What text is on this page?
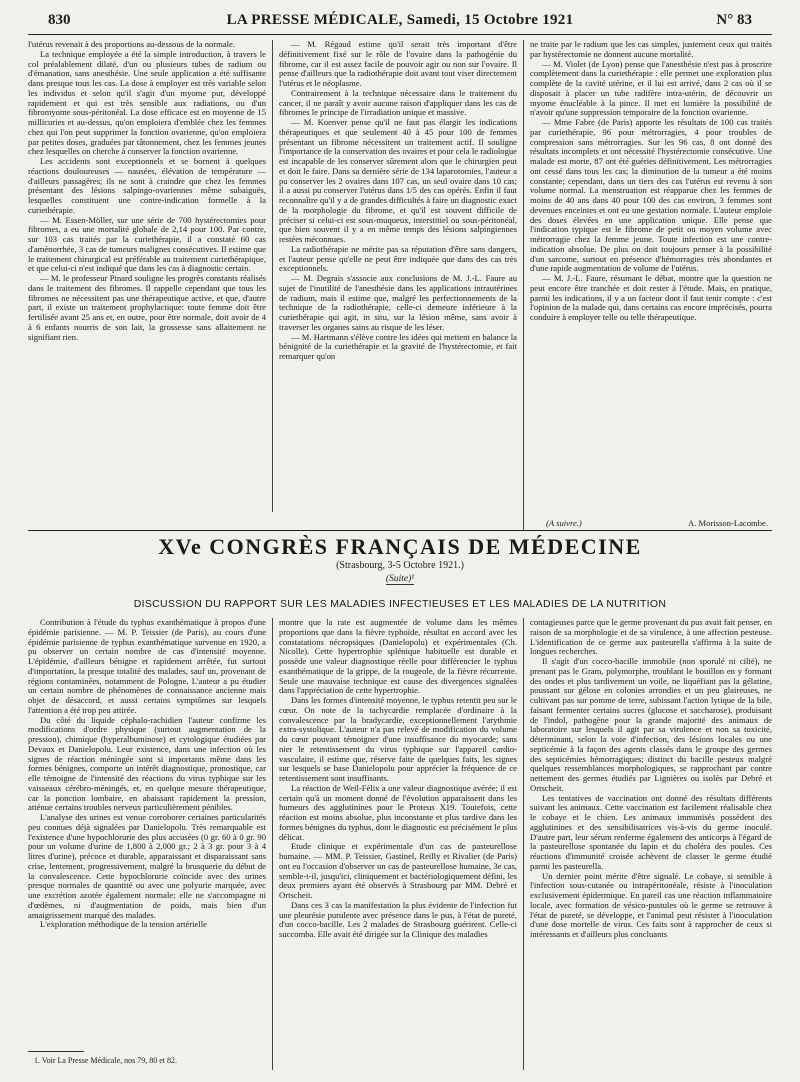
830	LA PRESSE MÉDICALE, Samedi, 15 Octobre 1921	N° 83

l'utérus revenait à des proportions au-dessous de la normale.

La technique employée a été la simple introduction, à travers le col préalablement dilaté, d'un ou plusieurs tubes de radium ou d'émanation, sans anesthésie. Une seule application a été suffisante dans presque tous les cas. La dose à employer est très variable selon les individus et selon qu'il s'agit d'un myome pur, développé rapidement et qui est très sensible aux radiations, ou d'un fibromyome sous-péritonéal. La dose efficace est en moyenne de 15 millicuries et au-dessus, qu'on emploiera d'emblée chez les femmes chez qui l'on peut supprimer la fonction ovarienne, qu'on emploiera par petites doses, graduées par tâtonnement, chez les femmes jeunes chez lesquelles on cherche à conserver la fonction ovarienne.

Les accidents sont exceptionnels et se bornent à quelques réactions douloureuses — nausées, élévation de température — d'ailleurs passagères; ils ne sont à craindre que chez les femmes présentant des lésions salpingo-ovariennes même subaiguës, lesquelles constituent une contre-indication formelle à la curiethérapie.

— M. Essen-Möller, sur une série de 700 hystérectomies pour fibromes, a eu une mortalité globale de 2,14 pour 100. Par contre, sur 103 cas traités par la curiethérapie, il a constaté 60 cas d'aménorrhée, 3 cas de tumeurs malignes consécutives. Il estime que le traitement chirurgical est préférable au traitement curiethérapique, et que celui-ci n'est indiqué que dans les cas à diagnostic certain.

— M. le professeur Pinard souligne les progrès constants réalisés dans le traitement des fibromes. Il rappelle cependant que tous les fibromes ne nécessitent pas une thérapeutique active, et que, d'autre part, il existe un traitement prophylactique: toute femme doit être fertilisée avant 25 ans et, en outre, pour être normale, doit avoir de 4 à 6 enfants nourris de son lait, la grossesse sans allaitement ne signifiant rien.

— M. Régaud estime qu'il serait très important d'être définitivement fixé sur le rôle de l'ovaire dans la pathogénie du fibrome, car il est assez facile de pouvoir agir ou non sur l'ovaire. Il pense d'ailleurs que la radiothérapie doit avant tout viser directement l'utérus et le néoplasme.

Contrairement à la technique nécessaire dans le traitement du cancer, il ne paraît y avoir aucune raison d'appliquer dans les cas de fibromes le principe de l'irradiation unique et massive.

— M. Koenver pense qu'il ne faut pas élargir les indications thérapeutiques et que seulement 40 à 45 pour 100 de femmes présentant un fibrome nécessitent un traitement actif. Il souligne l'importance de la conservation des ovaires et pour cela le radiologue est incapable de les conserver sûrement alors que le chirurgien peut et doit le faire. Dans sa dernière série de 134 laparotomies, l'auteur a pu conserver les 2 ovaires dans 107 cas, un seul ovaire dans 10 cas; il a aussi pu conserver l'utérus dans 1/5 des cas opérés. Enfin il faut reconnaître qu'il y a de grandes difficultés à faire un diagnostic exact de la morphologie du fibrome, et qu'il est souvent difficile de préciser si celui-ci est sous-muqueux, interstitiel ou sous-péritonéal, que bien souvent il y a en même temps des lésions salpingiennes restées méconnues.

La radiothérapie ne mérite pas sa réputation d'être sans dangers, et l'auteur pense qu'elle ne peut être indiquée que dans des cas très exceptionnels.

— M. Degrais s'associe aux conclusions de M. J.-L. Faure au sujet de l'inutilité de l'anesthésie dans les applications intrautérines de radium, mais il estime que, malgré les perfectionnements de la technique de la radiothérapie, celle-ci demeure inférieure à la curiethérapie qui agit, in situ, sur la lésion même, sans avoir à traverser les organes sains au risque de les léser.

— M. Hartmann s'élève contre les idées qui mettent en balance la bénignité de la curiethérapie et la gravité de l'hystérectomie, et fait remarquer qu'on

ne traite par le radium que les cas simples, justement ceux qui traités par hystérectomie ne donnent aucune mortalité.

— M. Violet (de Lyon) pense que l'anesthésie n'est pas à proscrire complètement dans la curiethérapie : elle permet une exploration plus complète de la cavité utérine, et il lui est arrivé, dans 2 cas où il se disposait à placer un tube radifère intra-utérin, de découvrir un myome énucléable à la pince. Il met en lumière la possibilité de n'avoir qu'une suppression temporaire de la fonction ovarienne.

— Mme Fabre (de Paris) apporte les résultats de 100 cas traités par curiethérapie, 96 pour métrorragies, 4 pour troubles de compression sans métrorragies. Sur les 96 cas, 8 ont donné des résultats incomplets et ont nécessité l'hystérectomie consécutive. Une malade est morte, 87 ont été guéries définitivement. Les métrorragies ont cessé dans tous les cas; la diminution de la tumeur a été moins constante; cependant, dans un tiers des cas l'utérus est revenu à son volume normal. La menstruation est réapparue chez les femmes de moins de 40 ans dans 40 pour 100 des cas environ, 3 femmes sont devenues enceintes et ont eu une gestation normale. L'auteur emploie des doses élevées en une application unique. Elle pense que l'indication typique est le fibrome de petit ou moyen volume avec métrorragie chez la femme jeune. Toute infection est une contre-indication absolue. De plus on doit toujours penser à la possibilité d'un sarcome, surtout en présence d'hémorragies très abondantes et d'une rapide augmentation de volume de l'utérus.

— M. J.-L. Faure, résumant le débat, montre que la question ne peut encore être tranchée et doit rester à l'étude. Mais, en pratique, parmi les indications, il y a un facteur dont il faut tenir compte : c'est l'opinion de la malade qui, dans certains cas encore imprécisés, pourra conduire à employer telle ou telle thérapeutique.

(A suivre.)	A. Morisson-Lacombe.
XVe CONGRÈS FRANÇAIS DE MÉDECINE
(Strasbourg, 3-5 Octobre 1921.)
(Suite)¹
DISCUSSION DU RAPPORT SUR LES MALADIES INFECTIEUSES ET LES MALADIES DE LA NUTRITION

Contribution à l'étude du typhus exanthématique à propos d'une épidémie parisienne. — M. P. Teissier (de Paris), au cours d'une épidémie parisienne de typhus exanthématique survenue en 1920, a pu observer un certain nombre de cas d'intensité moyenne. L'épidémie, d'ailleurs bénigne et rapidement arrêtée, fut surtout d'importation, la presque totalité des malades, sauf un, provenant de régions contaminées, notamment de Pologne. L'auteur a pu étudier un certain nombre de phénomènes de connaissance ancienne mais objet de désaccord, et aussi certains symptômes sur lesquels l'attention a été trop peu attirée.

Du côté du liquide céphalo-rachidien l'auteur confirme les modifications d'ordre physique (surtout augmentation de la pression), chimique (hyperalbuminose) et cytologique étudiées par Devaux et Danielopolu. Leur existence, dans une infection où les signes de réaction méningée sont si importants même dans les formes bénignes, comporte un intérêt diagnostique, pronostique, car elle témoigne de l'intensité des réactions du virus typhique sur les vaisseaux cérébro-méningés, et, en quelque mesure thérapeutique, car la ponction lombaire, en abaissant rapidement la pression, atténue certains troubles nerveux particulièrement pénibles.

L'analyse des urines est venue corroborer certaines particularités peu connues déjà signalées par Danielopolu. Très remarquable est l'existence d'une hypochlorurie des plus accusées (0 gr. 60 à 0 gr. 90 pour un volume d'urine de 1,800 à 2,000 gr.; 2 à 3 gr. pour 3 à 4 litres d'urine), précoce et durable, apparaissant et disparaissant sans crise, lentement, progressivement, malgré la brusquerie du début de la convalescence. Cette hypochlorurie coïncide avec des urines presque normales de quantité ou avec une polyurie marquée, avec une excrétion azotée également normale; elle ne s'accompagne ni d'œdèmes, ni d'augmentation de poids, mais bien d'un amaigrissement marqué des malades.

L'exploration méthodique de la tension artérielle

montre que la rate est augmentée de volume dans les mêmes proportions que dans la fièvre typhoïde, résultat en accord avec les constatations nécropsiques (Danielopolu) et expérimentales (Ch. Nicolle). Cette hypertrophie splénique habituelle est durable et possède une valeur diagnostique réelle pour différencier le typhus exanthématique de la grippe, de la rougeole, de la fièvre récurrente. Seule une mauvaise technique est cause des divergences signalées dans l'appréciation de cette hypertrophie.

Dans les formes d'intensité moyenne, le typhus retentit peu sur le cœur. On note de la tachycardie remplacée d'ordinaire à la convalescence par la bradycardie, exceptionnellement l'arythmie extra-systolique. L'auteur n'a pas relevé de modification du volume du cœur pouvant témoigner d'une insuffisance du myocarde; sans nier le retentissement du virus typhique sur l'appareil cardio-vasculaire, il estime que, réserve faite de quelques faits, les signes sur lesquels se base Danielopolu pour apprécier la fréquence de ce retentissement sont insuffisants.

La réaction de Weil-Félix a une valeur diagnostique avérée; il est certain qu'à un moment donné de l'évolution apparaissent dans les humeurs des agglutinines pour le Proteus X19. Toutefois, cette réaction est moins absolue, plus inconstante et plus tardive dans les formes bénignes du typhus, dont le diagnostic est précisément le plus délicat.

Etude clinique et expérimentale d'un cas de pasteurellose humaine. — MM. P. Teissier, Gastinel, Reilly et Rivalier (de Paris) ont eu l'occasion d'observer un cas de pasteurellose humaine, 3e cas, semble-t-il, jusqu'ici, cliniquement et bactériologiquement défini, les deux premiers ayant été observés à Strasbourg par MM. Debré et Ortscheit.

Dans ces 3 cas la manifestation la plus évidente de l'infection fut une pleurésie purulente avec présence dans le pus, à l'état de pureté, d'un cocco-bacille. Les 2 malades de Strasbourg guérirent. Celle-ci succomba. Elle avait été dirigée sur la Clinique des maladies

contagieuses parce que le germe provenant du pus avait fait penser, en raison de sa morphologie et de sa virulence, à une affection pesteuse. L'identification de ce germe aux pasteurella s'affirma à la suite de longues recherches.

Il s'agit d'un cocco-bacille immobile (non sporulé ni cilié), ne prenant pas le Gram, polymorphe, troublant le bouillon en y formant des ondes et plus tardivement un voile, ne liquéfiant pas la gélatine, poussant sur gélose en colonies arrondies et un peu glaireuses, ne cultivant pas sur pomme de terre, subissant l'action lytique de la bile, faisant fermenter certains sucres (glucose et saccharose), produisant de l'indol, pathogène pour la grande majorité des animaux de laboratoire sur lesquels il agit par sa virulence et non sa toxicité, déterminant, selon la voie d'infection, des lésions locales ou une septicémie à la façon des agents classés dans le groupe des germes des septicémies hémorragiques; distinct du bacille pesteux malgré quelques ressemblances morphologiques, se rapprochant par contre nettement des germes étudiés par Lignières ou isolés par Debré et Ortscheit.

Les tentatives de vaccination ont donné des résultats différents suivant les animaux. Cette vaccination est facilement réalisable chez le cobaye et le chien. Les animaux immunisés possèdent des agglutinines et des sensibilisatrices vis-à-vis du germe inoculé. D'autre part, leur sérum renferme également des anticorps à l'égard de la pasteurellose spontanée du lapin et du choléra des poules. Ces réactions d'immunité croisée achèvent de classer le germe étudié parmi les pasteurella.

Un dernier point mérite d'être signalé. Le cobaye, si sensible à l'infection sous-cutanée ou intrapéritonéale, résiste à l'inoculation exclusivement épidermique. En pareil cas une réaction inflammatoire locale, avec formation de vésico-pustules où le germe se retrouve à l'état de pureté, se développe, et l'animal peut résister à l'inoculation d'une dose mortelle de virus. Ces faits sont à rapprocher de ceux si intéressants et d'ailleurs plus concluants

1. Voir La Presse Médicale, nos 79, 80 et 82.
